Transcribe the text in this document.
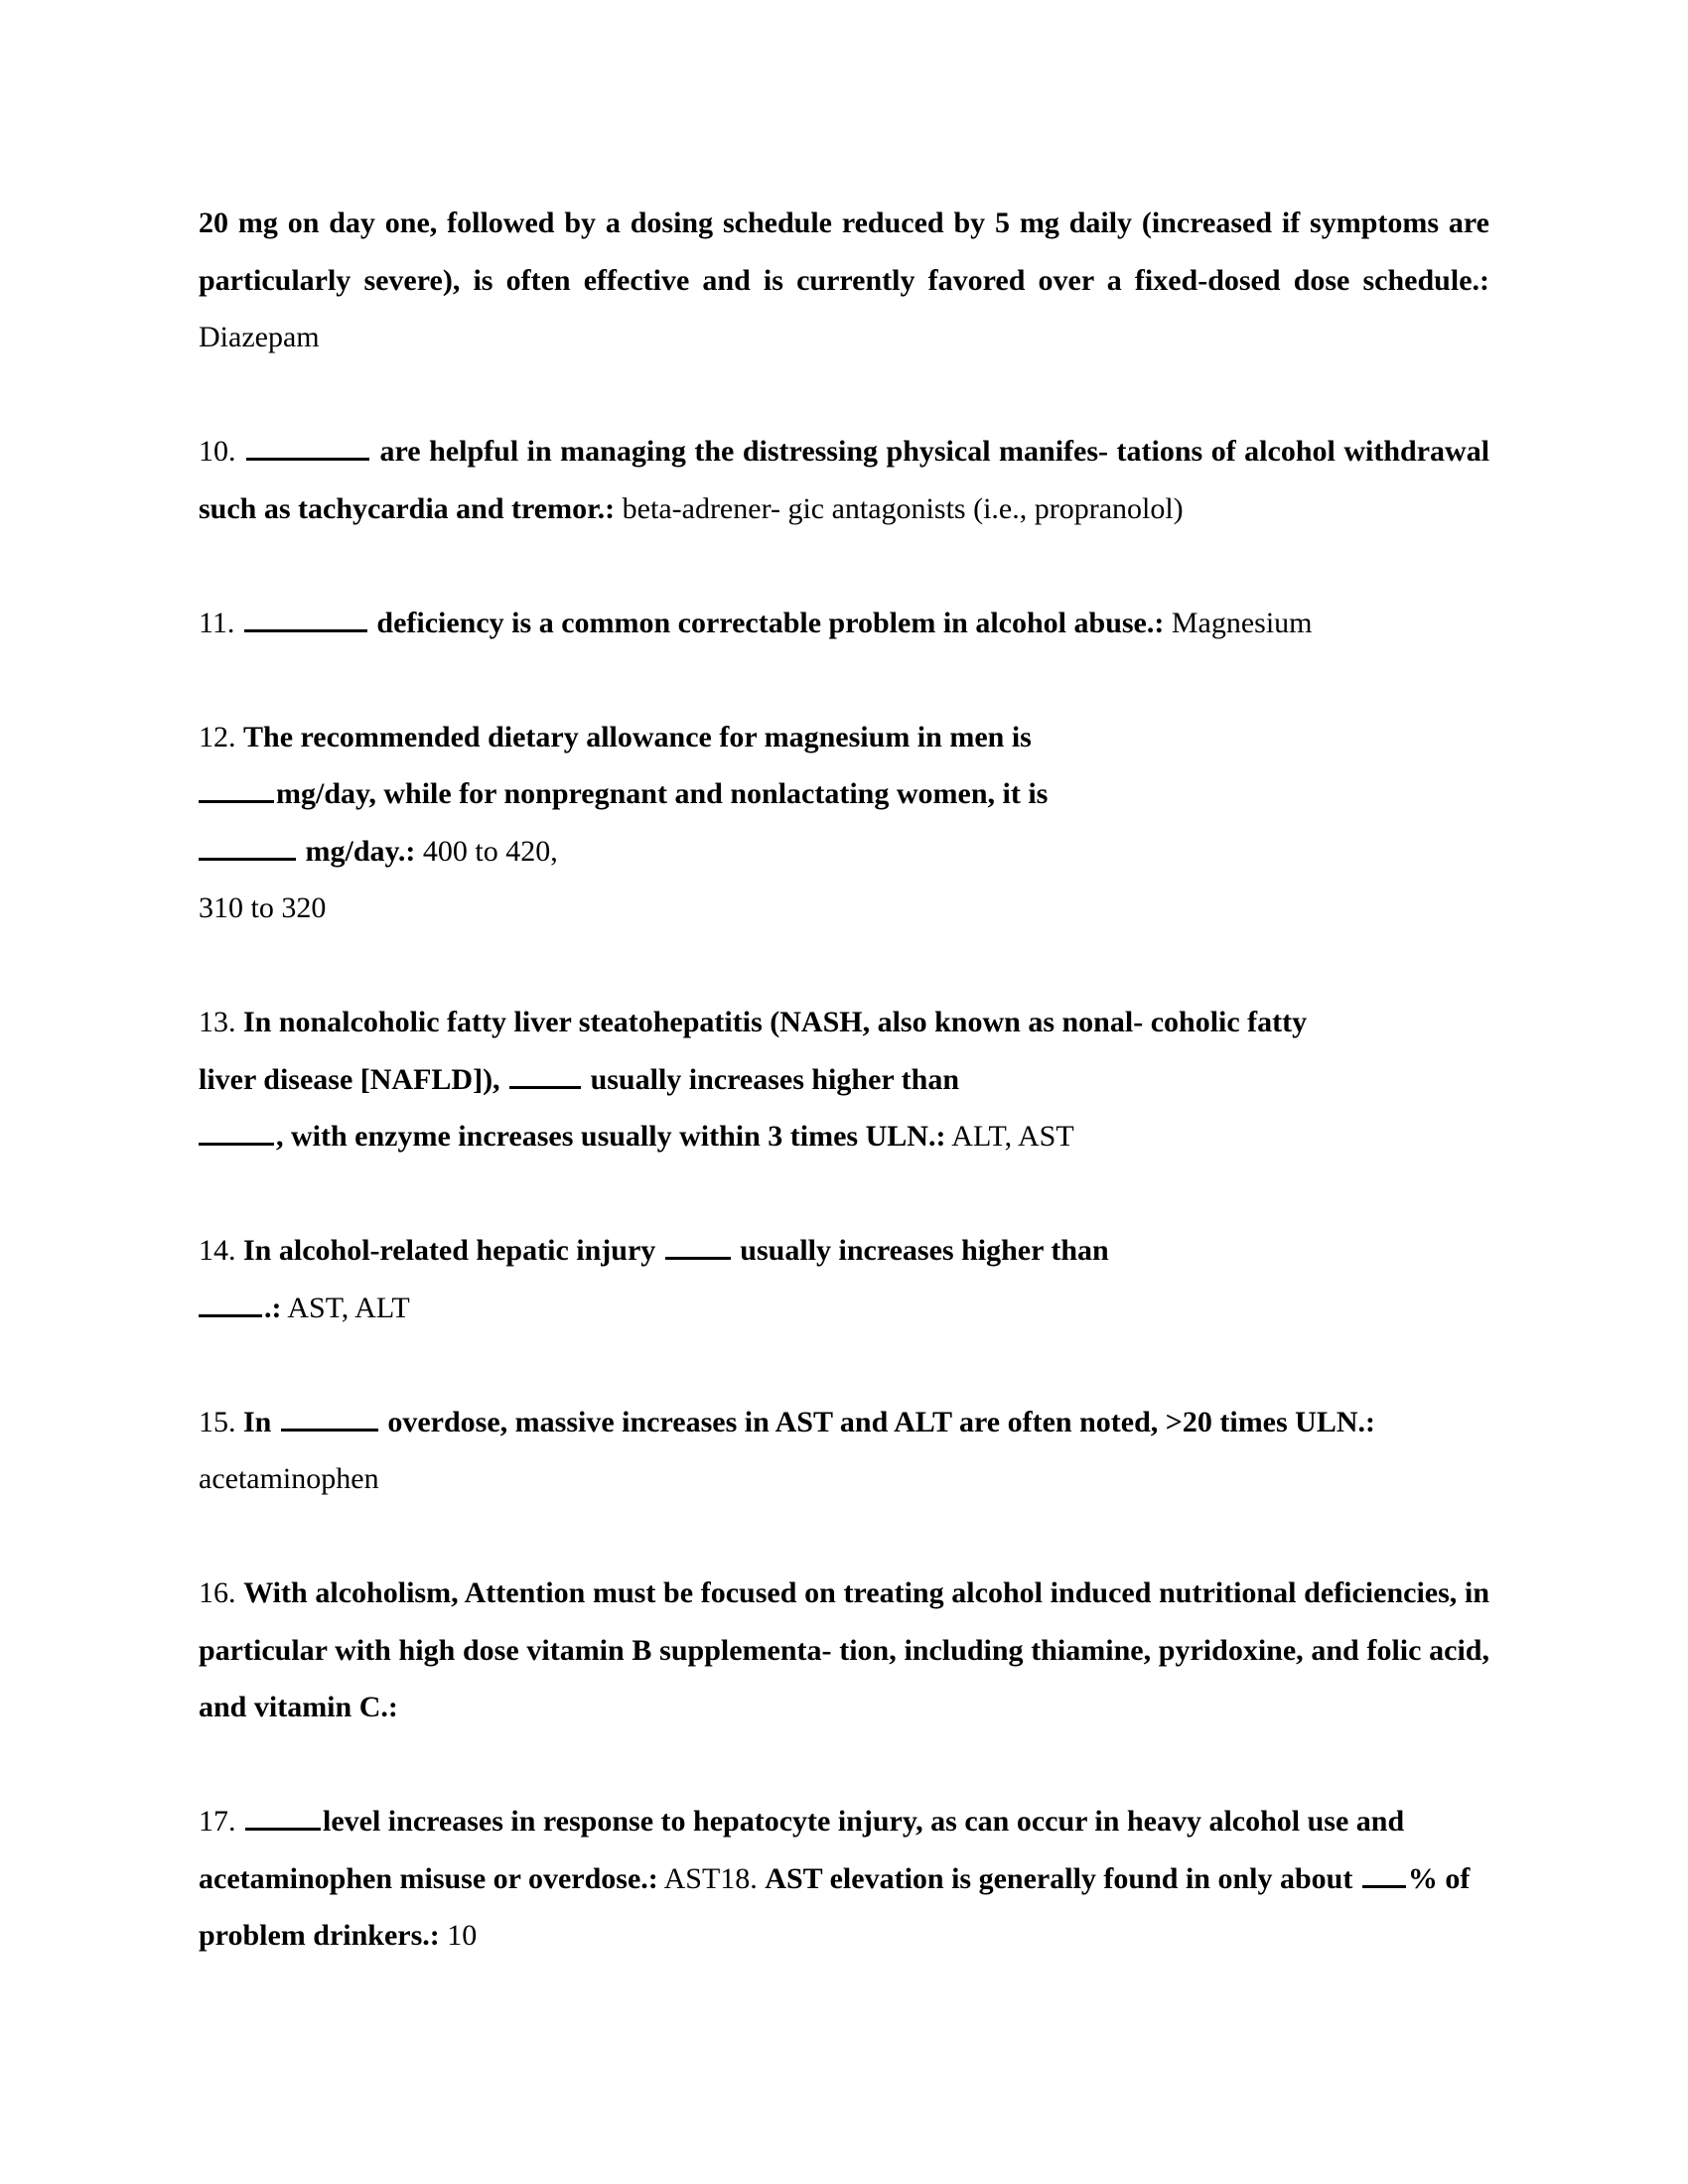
20 mg on day one, followed by a dosing schedule reduced by 5 mg daily (increased if symptoms are particularly severe), is often effective and is currently favored over a fixed-dosed dose schedule.: Diazepam

10.	are helpful in managing the distressing physical manifes- tations of alcohol withdrawal such as tachycardia and tremor.: beta-adrener- gic antagonists (i.e., propranolol)

11.	deficiency is a common correctable problem in alcohol abuse.: Magnesium

12. The recommended dietary allowance for magnesium in men is
mg/day, while for nonpregnant and nonlactating women, it is
mg/day.: 400 to 420,
310 to 320

13. In nonalcoholic fatty liver steatohepatitis (NASH, also known as nonal- coholic fatty
liver disease [NAFLD]),	usually increases higher than
, with enzyme increases usually within 3 times ULN.: ALT, AST

14. In alcohol-related hepatic injury	usually increases higher than
.: AST, ALT

15. In	overdose, massive increases in AST and ALT are often noted, >20 times ULN.: acetaminophen

16. With alcoholism, Attention must be focused on treating alcohol induced nutritional deficiencies, in particular with high dose vitamin B supplementa- tion, including thiamine, pyridoxine, and folic acid, and vitamin C.:

17.	level increases in response to hepatocyte injury, as can occur in heavy alcohol use and acetaminophen misuse or overdose.: AST18. AST elevation is generally found in only about % of problem drinkers.: 10
